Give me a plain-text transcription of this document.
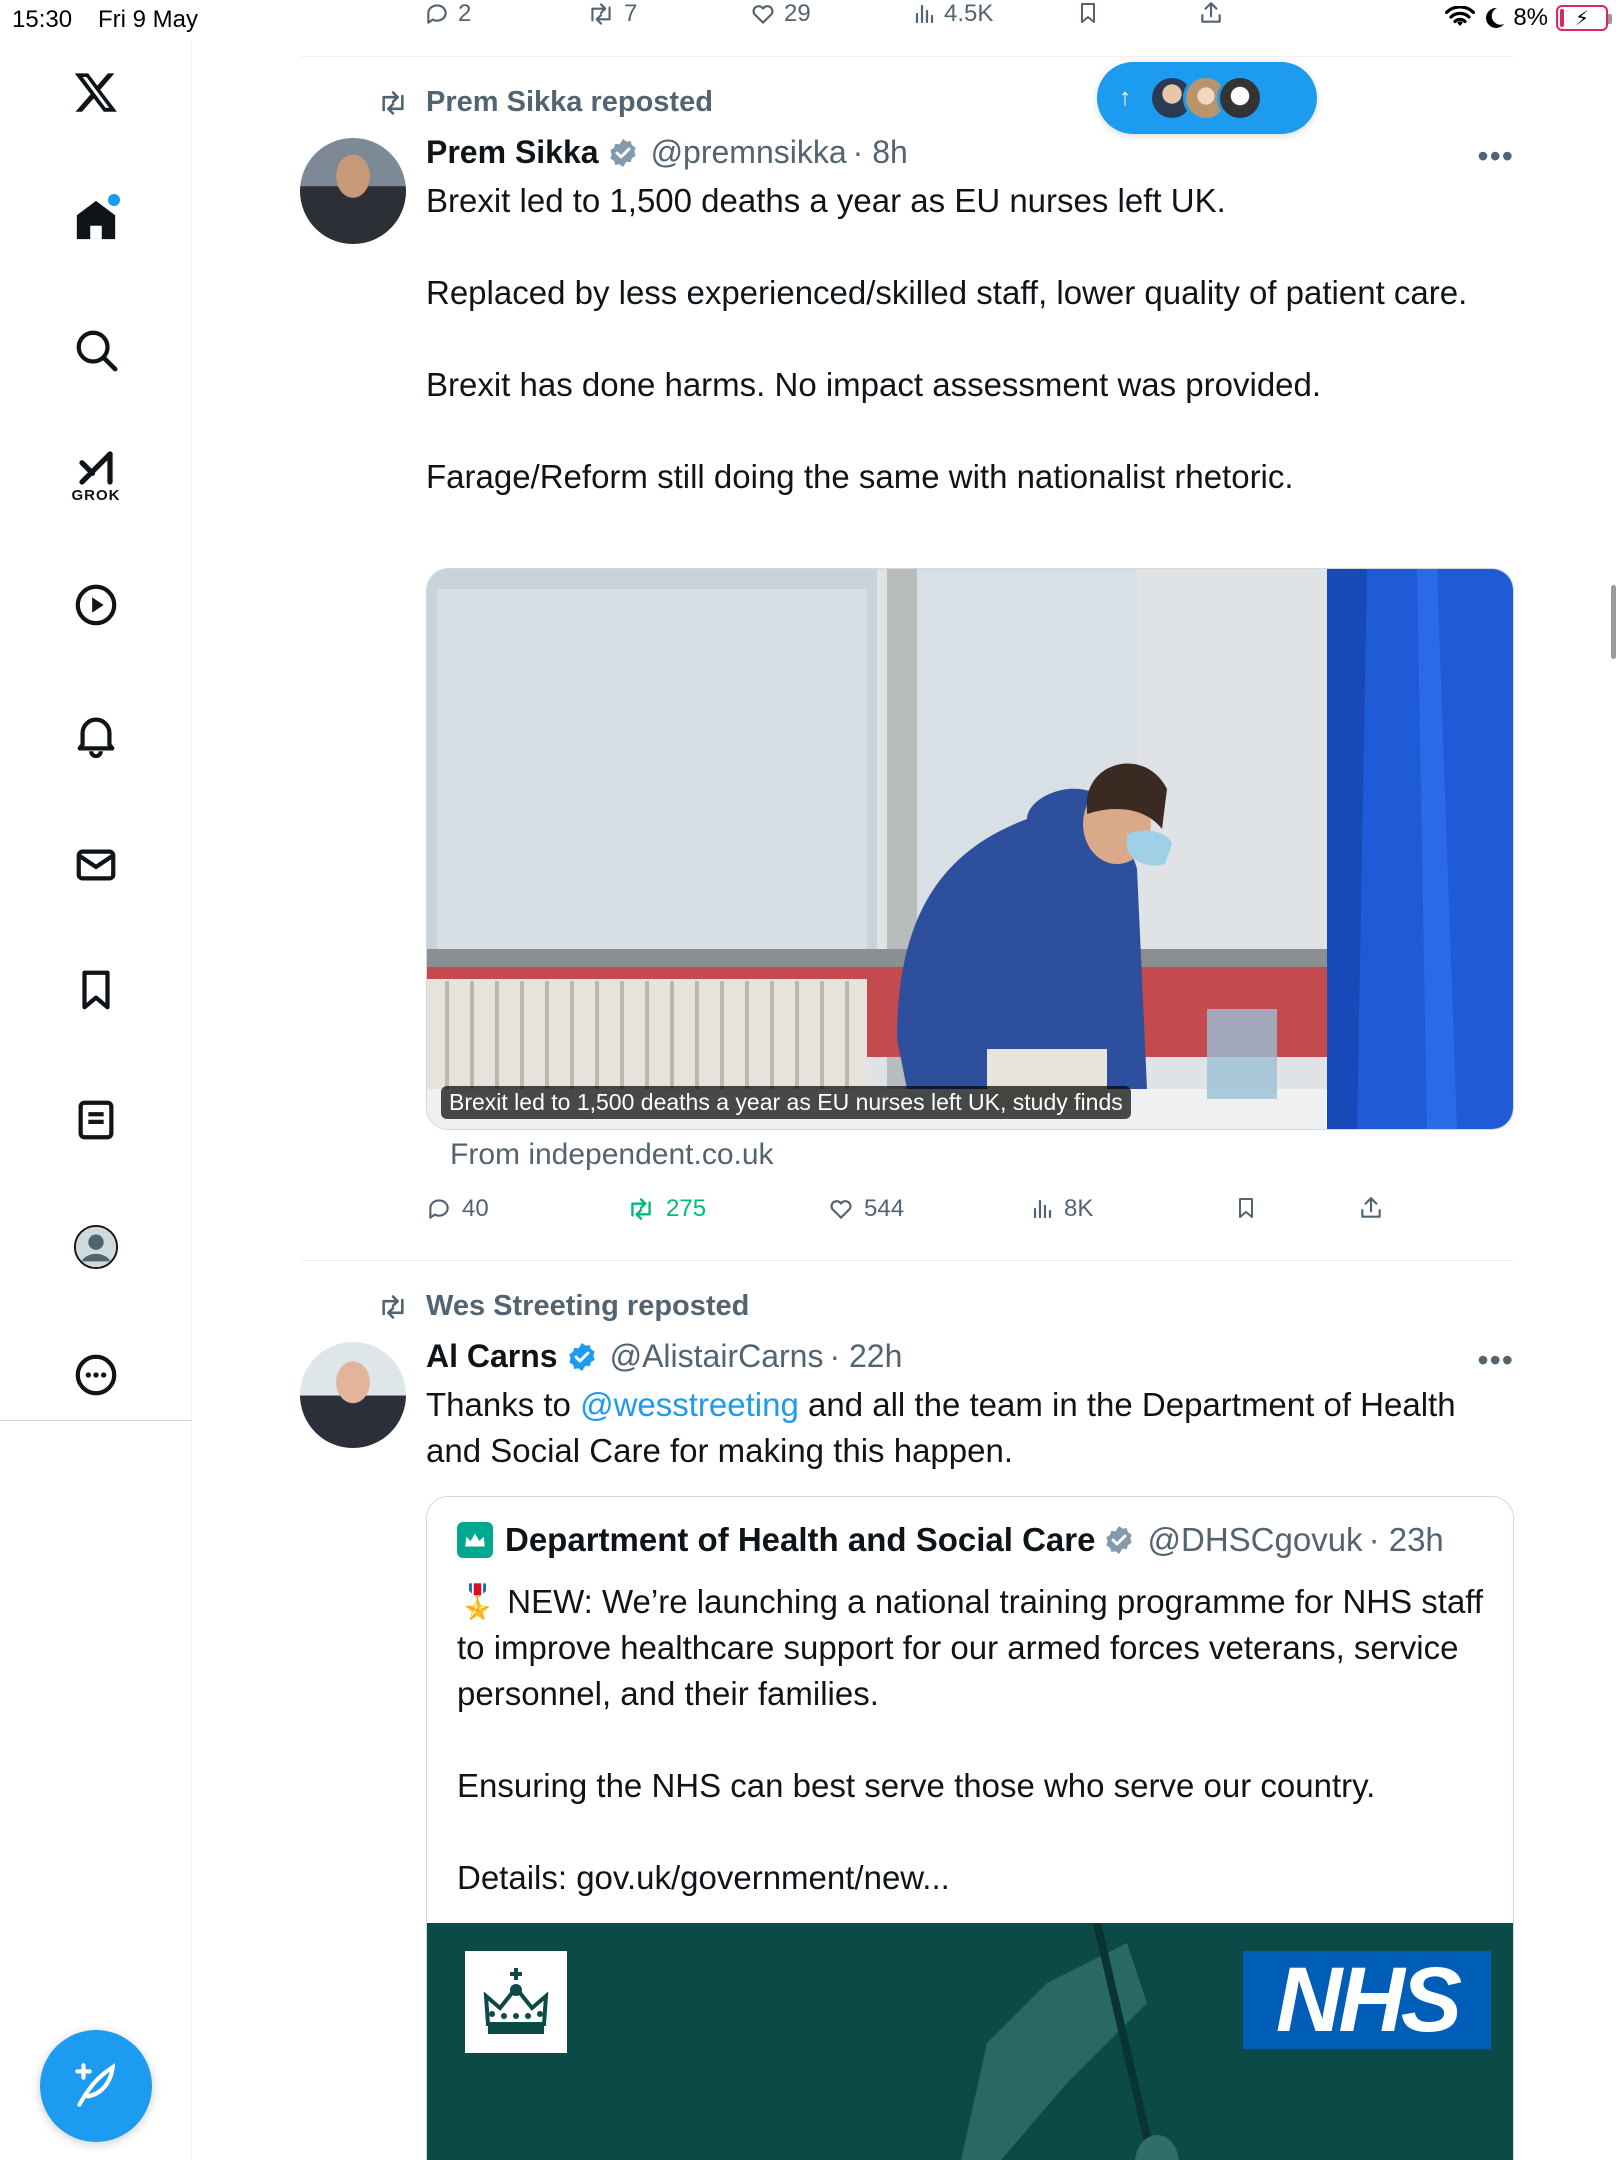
15:30 Fri 9 May	8% ⚡
GROK
2	7	29	4.5K
↑
Prem Sikka reposted
Prem Sikka @premnsikka · 8h	•••
Brexit led to 1,500 deaths a year as EU nurses left UK.

Replaced by less experienced/skilled staff, lower quality of patient care.

Brexit has done harms. No impact assessment was provided.

Farage/Reform still doing the same with nationalist rhetoric.
Brexit led to 1,500 deaths a year as EU nurses left UK, study finds
From independent.co.uk
40	275	544	8K
Wes Streeting reposted
Al Carns @AlistairCarns · 22h	•••
Thanks to @wesstreeting and all the team in the Department of Health and Social Care for making this happen.
Department of Health and Social Care @DHSCgovuk · 23h
🎖️ NEW: We’re launching a national training programme for NHS staff to improve healthcare support for our armed forces veterans, service personnel, and their families.

Ensuring the NHS can best serve those who serve our country.

Details: gov.uk/government/new...
NHS
